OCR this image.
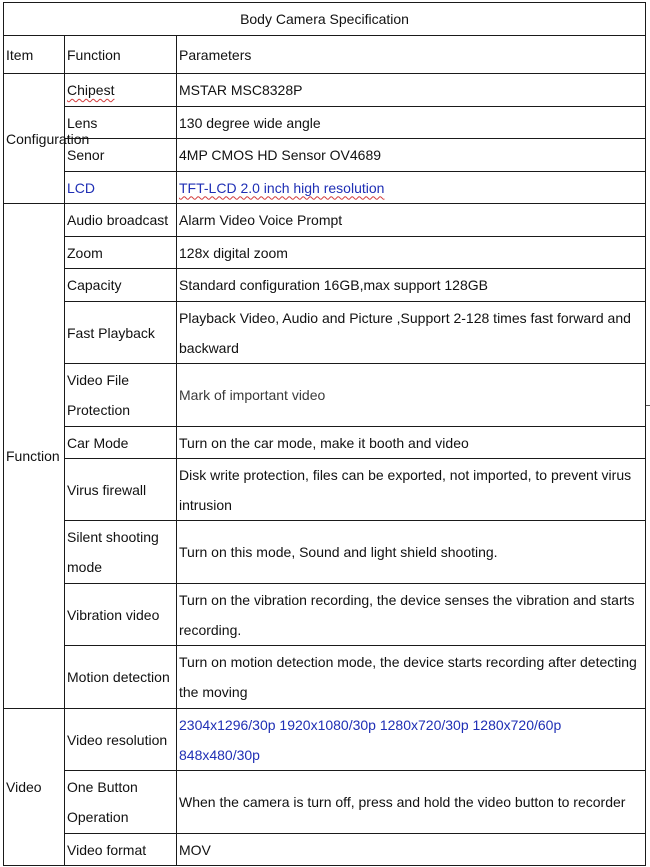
Body Camera Specification		
Item	Function	Parameters
Configuration	Chipest	MSTAR MSC8328P
	Lens	130 degree wide angle
	Senor	4MP CMOS HD Sensor OV4689
	LCD	TFT-LCD 2.0 inch high resolution
Function	Audio broadcast	Alarm Video Voice Prompt
	Zoom	128x digital zoom
	Capacity	Standard configuration 16GB,max support 128GB
	Fast Playback	Playback Video, Audio and Picture ,Support 2-128 times fast forward and backward
	Video File Protection	Mark of important video
	Car Mode	Turn on the car mode, make it booth and video
	Virus firewall	Disk write protection, files can be exported, not imported, to prevent virus intrusion
	Silent shooting mode	Turn on this mode, Sound and light shield shooting.
	Vibration video	Turn on the vibration recording, the device senses the vibration and starts recording.
	Motion detection	Turn on motion detection mode, the device starts recording after detecting the moving
Video	Video resolution	2304x1296/30p 1920x1080/30p 1280x720/30p 1280x720/60p 848x480/30p
	One Button Operation	When the camera is turn off, press and hold the video button to recorder
	Video format	MOV
